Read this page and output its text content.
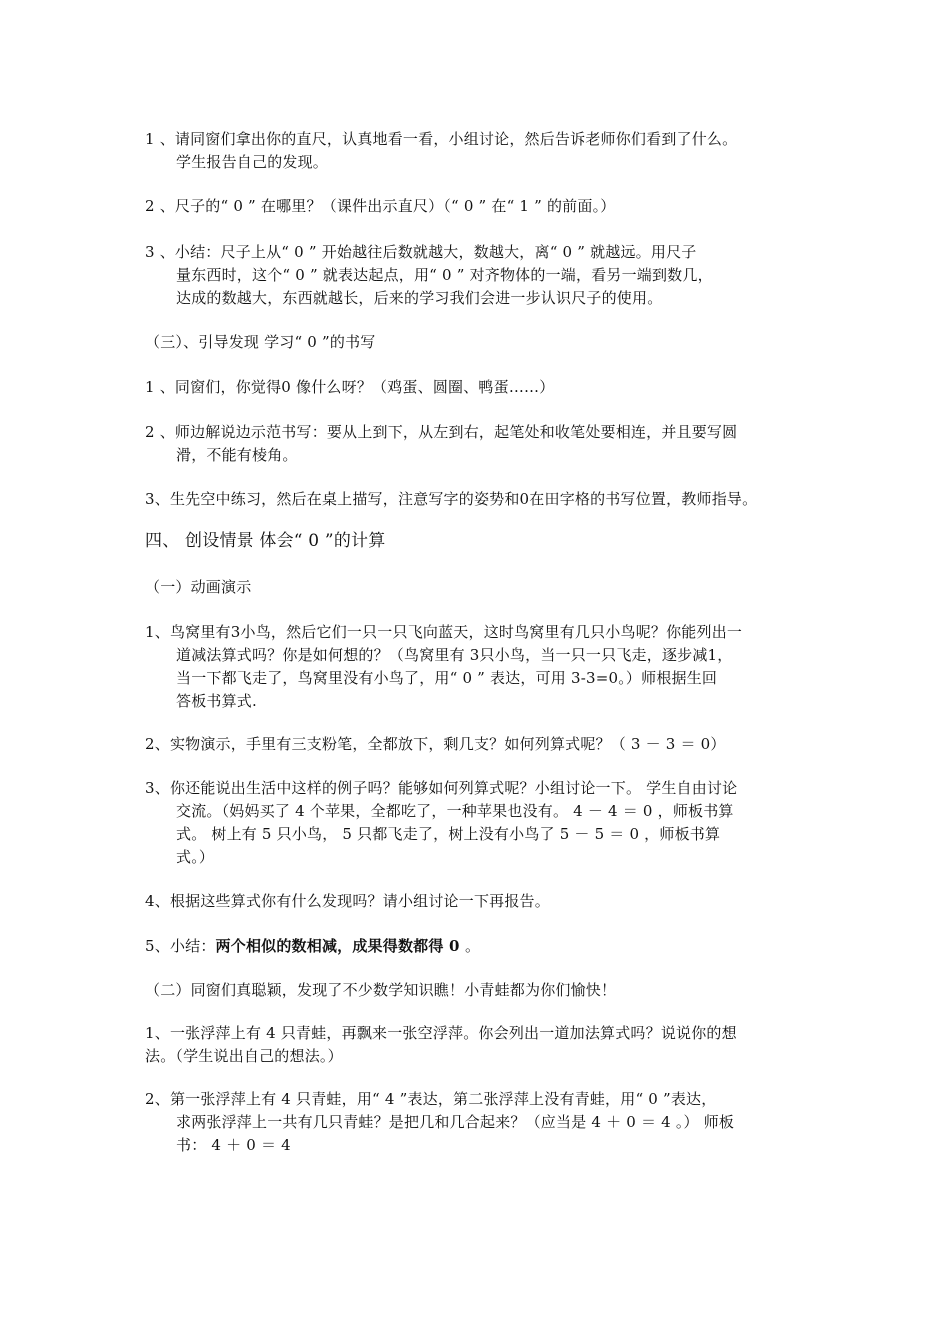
1 、请同窗们拿出你的直尺，认真地看一看，小组讨论，然后告诉老师你们看到了什么。
学生报告自己的发现。
2 、尺子的“ 0 ” 在哪里？（课件出示直尺）（“ 0 ” 在“ 1 ” 的前面。）
3 、小结：尺子上从“ 0 ” 开始越往后数就越大，数越大，离“ 0 ” 就越远。用尺子
量东西时，这个“ 0 ” 就表达起点，用“ 0 ” 对齐物体的一端，看另一端到数几，
达成的数越大，东西就越长，后来的学习我们会进一步认识尺子的使用。
（三）、引导发现 学习“ 0 ”的书写
1 、同窗们，你觉得0 像什么呀？（鸡蛋、圆圈、鸭蛋……）
2 、师边解说边示范书写：要从上到下，从左到右，起笔处和收笔处要相连，并且要写圆
滑，不能有棱角。
3、生先空中练习，然后在桌上描写，注意写字的姿势和0在田字格的书写位置，教师指导。
四、 创设情景 体会“ 0 ”的计算
（一）动画演示
1、鸟窝里有3小鸟，然后它们一只一只飞向蓝天，这时鸟窝里有几只小鸟呢？你能列出一
道减法算式吗？你是如何想的？（鸟窝里有 3只小鸟，当一只一只飞走，逐步减1，
当一下都飞走了，鸟窝里没有小鸟了，用“ 0 ” 表达，可用 3-3=0。）师根据生回
答板书算式.
2、实物演示，手里有三支粉笔，全都放下，剩几支？如何列算式呢？（ 3 － 3 ＝ 0）
3、你还能说出生活中这样的例子吗？能够如何列算式呢？小组讨论一下。 学生自由讨论
交流。（妈妈买了 4 个苹果，全都吃了，一种苹果也没有。 4 － 4 ＝ 0 ，师板书算
式。 树上有 5 只小鸟， 5 只都飞走了，树上没有小鸟了 5 － 5 ＝ 0 ，师板书算
式。）
4、根据这些算式你有什么发现吗？请小组讨论一下再报告。
5、小结：两个相似的数相减，成果得数都得 0 。
（二）同窗们真聪颖，发现了不少数学知识瞧！小青蛙都为你们愉快！
1、一张浮萍上有 4 只青蛙，再飘来一张空浮萍。你会列出一道加法算式吗？说说你的想
法。（学生说出自己的想法。）
2、第一张浮萍上有 4 只青蛙，用“ 4 ”表达，第二张浮萍上没有青蛙，用“ 0 ”表达，
求两张浮萍上一共有几只青蛙？是把几和几合起来？（应当是 4 ＋ 0 ＝ 4 。） 师板
书： 4 ＋ 0 ＝ 4
